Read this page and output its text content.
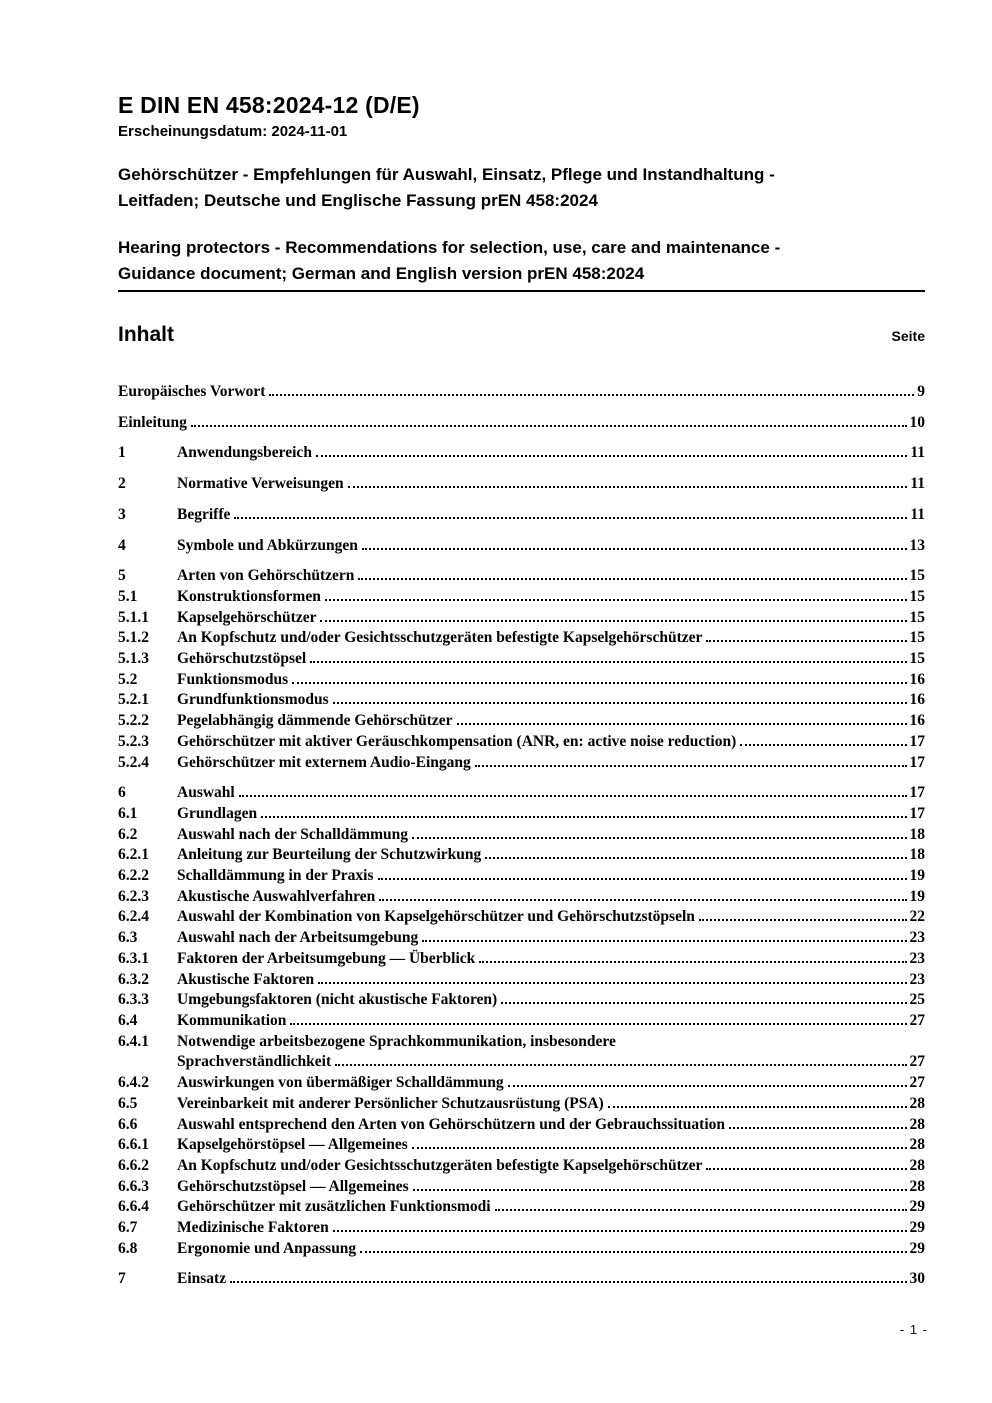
E DIN EN 458:2024-12 (D/E)
Erscheinungsdatum: 2024-11-01
Gehörschützer - Empfehlungen für Auswahl, Einsatz, Pflege und Instandhaltung -
Leitfaden; Deutsche und Englische Fassung prEN 458:2024
Hearing protectors - Recommendations for selection, use, care and maintenance -
Guidance document; German and English version prEN 458:2024
Inhalt	Seite
Europäisches Vorwort	9
Einleitung	10
1	Anwendungsbereich	11
2	Normative Verweisungen	11
3	Begriffe	11
4	Symbole und Abkürzungen	13
5	Arten von Gehörschützern	15
5.1	Konstruktionsformen	15
5.1.1	Kapselgehörschützer	15
5.1.2	An Kopfschutz und/oder Gesichtsschutzgeräten befestigte Kapselgehörschützer	15
5.1.3	Gehörschutzstöpsel	15
5.2	Funktionsmodus	16
5.2.1	Grundfunktionsmodus	16
5.2.2	Pegelabhängig dämmende Gehörschützer	16
5.2.3	Gehörschützer mit aktiver Geräuschkompensation (ANR, en: active noise reduction)	17
5.2.4	Gehörschützer mit externem Audio-Eingang	17
6	Auswahl	17
6.1	Grundlagen	17
6.2	Auswahl nach der Schalldämmung	18
6.2.1	Anleitung zur Beurteilung der Schutzwirkung	18
6.2.2	Schalldämmung in der Praxis	19
6.2.3	Akustische Auswahlverfahren	19
6.2.4	Auswahl der Kombination von Kapselgehörschützer und Gehörschutzstöpseln	22
6.3	Auswahl nach der Arbeitsumgebung	23
6.3.1	Faktoren der Arbeitsumgebung — Überblick	23
6.3.2	Akustische Faktoren	23
6.3.3	Umgebungsfaktoren (nicht akustische Faktoren)	25
6.4	Kommunikation	27
6.4.1	Notwendige arbeitsbezogene Sprachkommunikation, insbesondere
Sprachverständlichkeit	27
6.4.2	Auswirkungen von übermäßiger Schalldämmung	27
6.5	Vereinbarkeit mit anderer Persönlicher Schutzausrüstung (PSA)	28
6.6	Auswahl entsprechend den Arten von Gehörschützern und der Gebrauchssituation	28
6.6.1	Kapselgehörstöpsel — Allgemeines	28
6.6.2	An Kopfschutz und/oder Gesichtsschutzgeräten befestigte Kapselgehörschützer	28
6.6.3	Gehörschutzstöpsel — Allgemeines	28
6.6.4	Gehörschützer mit zusätzlichen Funktionsmodi	29
6.7	Medizinische Faktoren	29
6.8	Ergonomie und Anpassung	29
7	Einsatz	30
- 1 -
